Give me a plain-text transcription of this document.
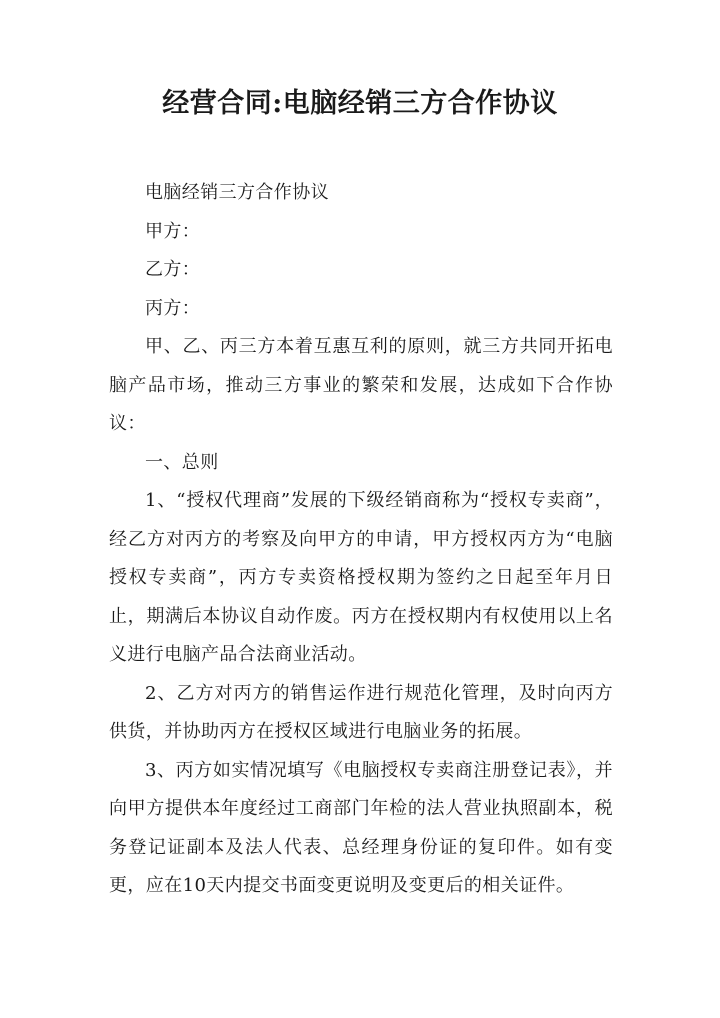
经营合同:电脑经销三方合作协议

电脑经销三方合作协议

甲方：

乙方：

丙方：

甲、乙、丙三方本着互惠互利的原则，就三方共同开拓电脑产品市场，推动三方事业的繁荣和发展，达成如下合作协议：

一、总则

1、“授权代理商”发展的下级经销商称为“授权专卖商”，经乙方对丙方的考察及向甲方的申请，甲方授权丙方为“电脑授权专卖商”，丙方专卖资格授权期为签约之日起至年月日止，期满后本协议自动作废。丙方在授权期内有权使用以上名义进行电脑产品合法商业活动。

2、乙方对丙方的销售运作进行规范化管理，及时向丙方供货，并协助丙方在授权区域进行电脑业务的拓展。

3、丙方如实情况填写《电脑授权专卖商注册登记表》，并向甲方提供本年度经过工商部门年检的法人营业执照副本，税务登记证副本及法人代表、总经理身份证的复印件。如有变更，应在10天内提交书面变更说明及变更后的相关证件。
